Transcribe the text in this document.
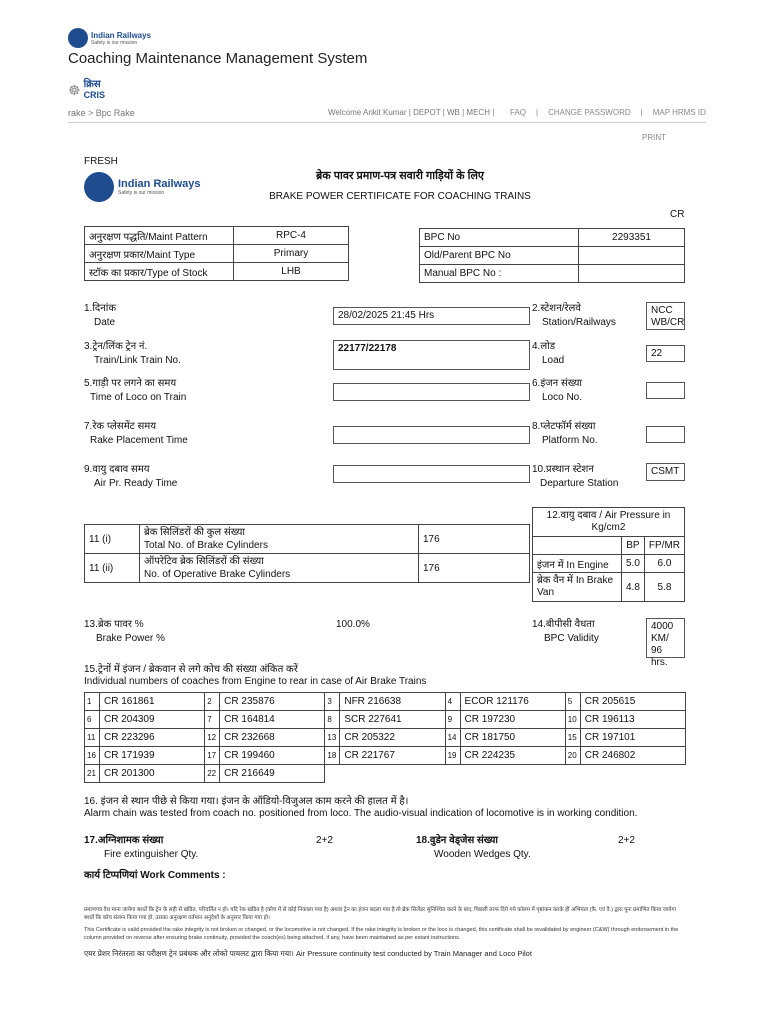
Indian Railways
Safety is our mission
Coaching Maintenance Management System
☸ क्रिस
CRIS
rake > Bpc Rake	Welcome Ankit Kumar | DEPOT | WB | MECH | FAQ | CHANGE PASSWORD | MAP HRMS ID
PRINT
FRESH
Indian Railways
Safety is our mission
ब्रेक पावर प्रमाण-पत्र सवारी गाड़ियों के लिए
BRAKE POWER CERTIFICATE FOR COACHING TRAINS
CR
अनुरक्षण पद्धति/Maint Pattern	RPC-4
अनुरक्षण प्रकार/Maint Type	Primary
स्टॉक का प्रकार/Type of Stock	LHB
BPC No	2293351
Old/Parent BPC No	
Manual BPC No :	
1.दिनांक
Date
28/02/2025 21:45 Hrs
2.स्टेशन/रेलवे
Station/Railways
NCC WB/CR
3.ट्रेन/लिंक ट्रेन नं.
Train/Link Train No.
22177/22178	4.लोड
Load
22
5.गाड़ी पर लगने का समय
Time of Loco on Train
6.इंजन संख्या
Loco No.
7.रेक प्लेसमेंट समय
Rake Placement Time
8.प्लेटफॉर्म संख्या
Platform No.
9.वायु दबाव समय
Air Pr. Ready Time
10.प्रस्थान स्टेशन
Departure Station
CSMT
11 (i)	ब्रेक सिलिंडरों की कुल संख्या
Total No. of Brake Cylinders	176
11 (ii)	ऑपरेटिव ब्रेक सिलिंडरों की संख्या
No. of Operative Brake Cylinders	176
12.वायु दबाव / Air Pressure in Kg/cm2		
	BP	FP/MR
इंजन में In Engine	5.0	6.0
ब्रेक वैन में In Brake Van	4.8	5.8
13.ब्रेक पावर %
Brake Power %
100.0%	14.बीपीसी वैधता
BPC Validity
4000 KM/ 96 hrs.
15.ट्रेनों में इंजन / ब्रेकवान से लगे कोच की संख्या अंकित करें
Individual numbers of coaches from Engine to rear in case of Air Brake Trains
1	CR 161861	2	CR 235876	3	NFR 216638	4	ECOR 121176	5	CR 205615
6	CR 204309	7	CR 164814	8	SCR 227641	9	CR 197230	10	CR 196113
11	CR 223296	12	CR 232668	13	CR 205322	14	CR 181750	15	CR 197101
16	CR 171939	17	CR 199460	18	CR 221767	19	CR 224235	20	CR 246802
21	CR 201300	22	CR 216649						
16. इंजन से स्थान पीछे से किया गया। इंजन के ऑडियो-विजुअल काम करने की हालत में है।
Alarm chain was tested from coach no. positioned from loco. The audio-visual indication of locomotive is in working condition.
17.अग्निशामक संख्या
Fire extinguisher Qty.
2+2	18.वुडेन वेड्जेस संख्या
Wooden Wedges Qty.
2+2
कार्य टिप्पणियां Work Comments :
प्रमाणपत्र वैध माना जायेगा बशर्ते कि ट्रेन के सही से खंडित, परिवर्तित न हो। यदि रेक खंडित है (कोच में से कोई निकाला गया है) अथवा ट्रेन का इंजन बदला गया है तो ब्रेक सिलेंडर सुनिश्चित करने के बाद, पिछली तरफ दिये गये कॉलम में पृष्ठांकन करके ही अभियंता (कै. एवं वै.) द्वारा पुनः प्रमाणित किया जायेगा बशर्ते कि कोच संलग्न किया गया हो, उसका अनुरक्षण वर्तमान अनुदेशों के अनुसार किया गया हो।
This Certificate is valid provided the rake integrity is not broken or changed, or the locomotive is not changed. If the rake integrity is broken or the loco is changed, this certificate shall be revalidated by engineer (C&W) through endorsement in the column provided on reverse after ensuring brake continuity, provided the coach(es) being attached, if any, have been maintained as per extant instructions.
एयर प्रेशर निरंतरता का परीक्षण ट्रेन प्रबंधक और लोको पायलट द्वारा किया गया। Air Pressure continuity test conducted by Train Manager and Loco Pilot
